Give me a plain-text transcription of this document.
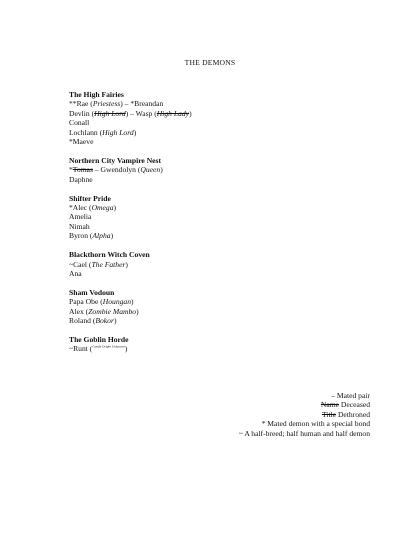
THE DEMONS
The High Fairies
**Rae (Priestess) – *Breandan
Devlin (High Lord) – Wasp (High Lady)
Conall
Lochlann (High Lord)
*Maeve
Northern City Vampire Nest
*Tomas – Gwendolyn (Queen)
Daphne
Shifter Pride
*Alec (Omega)
Amelia
Nimah
Byron (Alpha)
Blackthorn Witch Coven
~Cael (The Father)
Ana
Sham Vodoun
Papa Obe (Houngan)
Alex (Zombie Mambo)
Roland (Bokor)
The Goblin Horde
~Runt ($^{Goods Origin Unknown}$)
– Mated pair
Name Deceased
Title Dethroned
* Mated demon with a special bond
~ A half-breed; half human and half demon
